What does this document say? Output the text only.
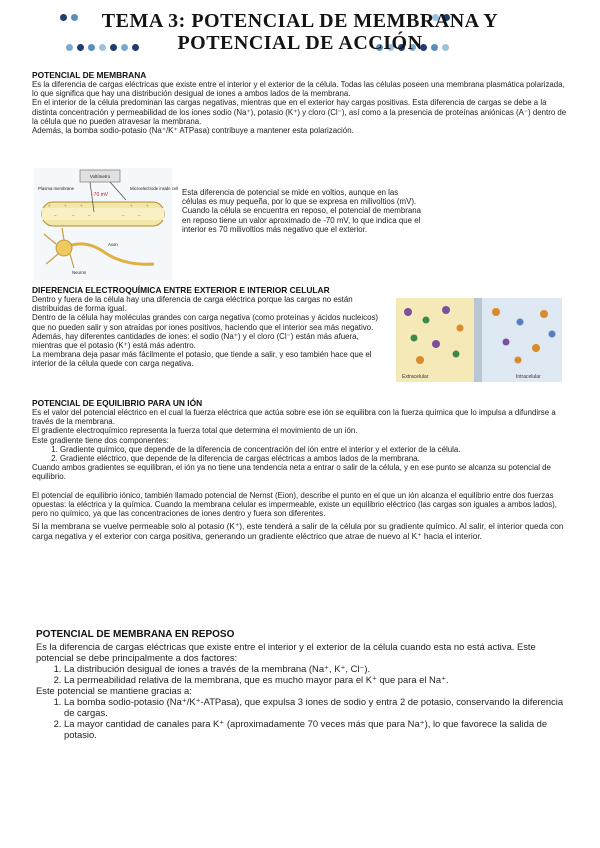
TEMA 3: POTENCIAL DE MEMBRANA Y
POTENCIAL DE ACCIÓN
POTENCIAL DE MEMBRANA

Es la diferencia de cargas eléctricas que existe entre el interior y el exterior de la célula. Todas las células poseen una membrana plasmática polarizada, lo que significa que hay una distribución desigual de iones a ambos lados de la membrana.

En el interior de la célula predominan las cargas negativas, mientras que en el exterior hay cargas positivas. Esta diferencia de cargas se debe a la distinta concentración y permeabilidad de los iones sodio (Na⁺), potasio (K⁺) y cloro (Cl⁻), así como a la presencia de proteínas aniónicas (A⁻) dentro de la célula que no pueden atravesar la membrana.

Además, la bomba sodio-potasio (Na⁺/K⁺ ATPasa) contribuye a mantener esta polarización.

Voltímetro
Plasma membrane	Microelectrode inside cell
-70 mV
+	+	+	+	+
−	−	−	−	−
Axon
Neuron

Esta diferencia de potencial se mide en voltios, aunque en las células es muy pequeña, por lo que se expresa en milivoltios (mV). Cuando la célula se encuentra en reposo, el potencial de membrana en reposo tiene un valor aproximado de -70 mV, lo que indica que el interior es 70 milivoltios más negativo que el exterior.

DIFERENCIA ELECTROQUÍMICA ENTRE EXTERIOR E INTERIOR CELULAR

Dentro y fuera de la célula hay una diferencia de carga eléctrica porque las cargas no están distribuidas de forma igual.

Dentro de la célula hay moléculas grandes con carga negativa (como proteínas y ácidos nucleicos) que no pueden salir y son atraídas por iones positivos, haciendo que el interior sea más negativo.

Además, hay diferentes cantidades de iones: el sodio (Na⁺) y el cloro (Cl⁻) están más afuera, mientras que el potasio (K⁺) está más adentro.

La membrana deja pasar más fácilmente el potasio, que tiende a salir, y eso también hace que el interior de la célula quede con carga negativa.

Extracelular	Intracelular
POTENCIAL DE EQUILIBRIO PARA UN IÓN

Es el valor del potencial eléctrico en el cual la fuerza eléctrica que actúa sobre ese ión se equilibra con la fuerza química que lo impulsa a difundirse a través de la membrana.

El gradiente electroquímico representa la fuerza total que determina el movimiento de un ión.

Este gradiente tiene dos componentes:

1. Gradiente químico, que depende de la diferencia de concentración del ión entre el interior y el exterior de la célula.
2. Gradiente eléctrico, que depende de la diferencia de cargas eléctricas a ambos lados de la membrana.

Cuando ambos gradientes se equilibran, el ión ya no tiene una tendencia neta a entrar o salir de la célula, y en ese punto se alcanza su potencial de equilibrio.

El potencial de equilibrio iónico, también llamado potencial de Nernst (Eion), describe el punto en el que un ión alcanza el equilibrio entre dos fuerzas opuestas: la eléctrica y la química. Cuando la membrana celular es impermeable, existe un equilibrio eléctrico (las cargas son iguales a ambos lados), pero no químico, ya que las concentraciones de iones dentro y fuera son diferentes.

Si la membrana se vuelve permeable solo al potasio (K⁺), este tenderá a salir de la célula por su gradiente químico. Al salir, el interior queda con carga negativa y el exterior con carga positiva, generando un gradiente eléctrico que atrae de nuevo al K⁺ hacia el interior.

POTENCIAL DE MEMBRANA EN REPOSO

Es la diferencia de cargas eléctricas que existe entre el interior y el exterior de la célula cuando esta no está activa. Este potencial se debe principalmente a dos factores:

1. La distribución desigual de iones a través de la membrana (Na⁺, K⁺, Cl⁻).
2. La permeabilidad relativa de la membrana, que es mucho mayor para el K⁺ que para el Na⁺.

Este potencial se mantiene gracias a:

1. La bomba sodio-potasio (Na⁺/K⁺-ATPasa), que expulsa 3 iones de sodio y entra 2 de potasio, conservando la diferencia de cargas.
2. La mayor cantidad de canales para K⁺ (aproximadamente 70 veces más que para Na⁺), lo que favorece la salida de potasio.
